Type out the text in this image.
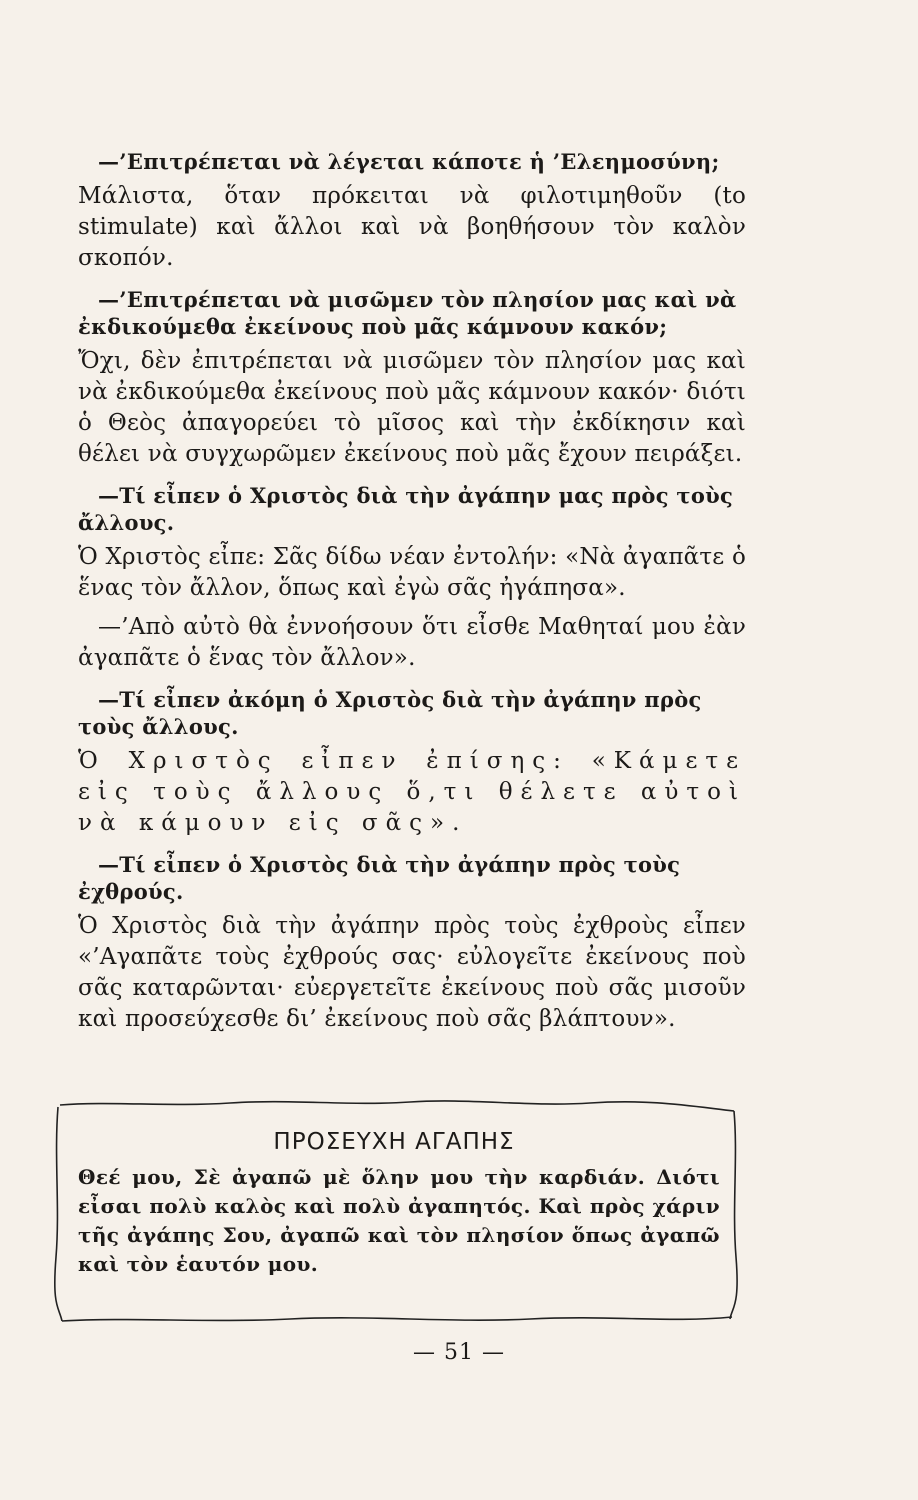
—’Επιτρέπεται νὰ λέγεται κάποτε ἡ ’Ελεημοσύνη;

Μάλιστα, ὅταν πρόκειται νὰ φιλοτιμηθοῦν (to stimulate) καὶ ἄλλοι καὶ νὰ βοηθήσουν τὸν καλὸν σκοπόν.

—’Επιτρέπεται νὰ μισῶμεν τὸν πλησίον μας καὶ νὰ ἐκδικούμεθα ἐκείνους ποὺ μᾶς κάμνουν κακόν;

Ὄχι, δὲν ἐπιτρέπεται νὰ μισῶμεν τὸν πλησίον μας καὶ νὰ ἐκδικούμεθα ἐκείνους ποὺ μᾶς κάμνουν κακόν· διότι ὁ Θεὸς ἀπαγορεύει τὸ μῖσος καὶ τὴν ἐκδίκησιν καὶ θέλει νὰ συγχωρῶμεν ἐκείνους ποὺ μᾶς ἔχουν πειράξει.

—Τί εἶπεν ὁ Χριστὸς διὰ τὴν ἀγάπην μας πρὸς τοὺς ἄλλους.

Ὁ Χριστὸς εἶπε: Σᾶς δίδω νέαν ἐντολήν: «Νὰ ἀγαπᾶτε ὁ ἕνας τὸν ἄλλον, ὅπως καὶ ἐγὼ σᾶς ἠγάπησα».

—’Απὸ αὐτὸ θὰ ἐννοήσουν ὅτι εἶσθε Μαθηταί μου ἐὰν ἀγαπᾶτε ὁ ἕνας τὸν ἄλλον».

—Τί εἶπεν ἀκόμη ὁ Χριστὸς διὰ τὴν ἀγάπην πρὸς τοὺς ἄλλους.

Ὁ Χριστὸς εἶπεν ἐπίσης: «Κάμετε εἰς τοὺς ἄλλους ὅ,τι θέλετε αὐτοὶ νὰ κάμουν εἰς σᾶς».

—Τί εἶπεν ὁ Χριστὸς διὰ τὴν ἀγάπην πρὸς τοὺς ἐχθρούς.

Ὁ Χριστὸς διὰ τὴν ἀγάπην πρὸς τοὺς ἐχθροὺς εἶπεν «’Αγαπᾶτε τοὺς ἐχθρούς σας· εὐλογεῖτε ἐκείνους ποὺ σᾶς καταρῶνται· εὐεργετεῖτε ἐκείνους ποὺ σᾶς μισοῦν καὶ προσεύχεσθε δι’ ἐκείνους ποὺ σᾶς βλάπτουν».

ΠΡΟΣΕΥΧΗ ΑΓΑΠΗΣ
Θεέ μου, Σὲ ἀγαπῶ μὲ ὅλην μου τὴν καρδιάν. Διότι εἶσαι πολὺ καλὸς καὶ πολὺ ἀγαπητός. Καὶ πρὸς χάριν τῆς ἀγάπης Σου, ἀγαπῶ καὶ τὸν πλησίον ὅπως ἀγαπῶ καὶ τὸν ἑαυτόν μου.
— 51 —
